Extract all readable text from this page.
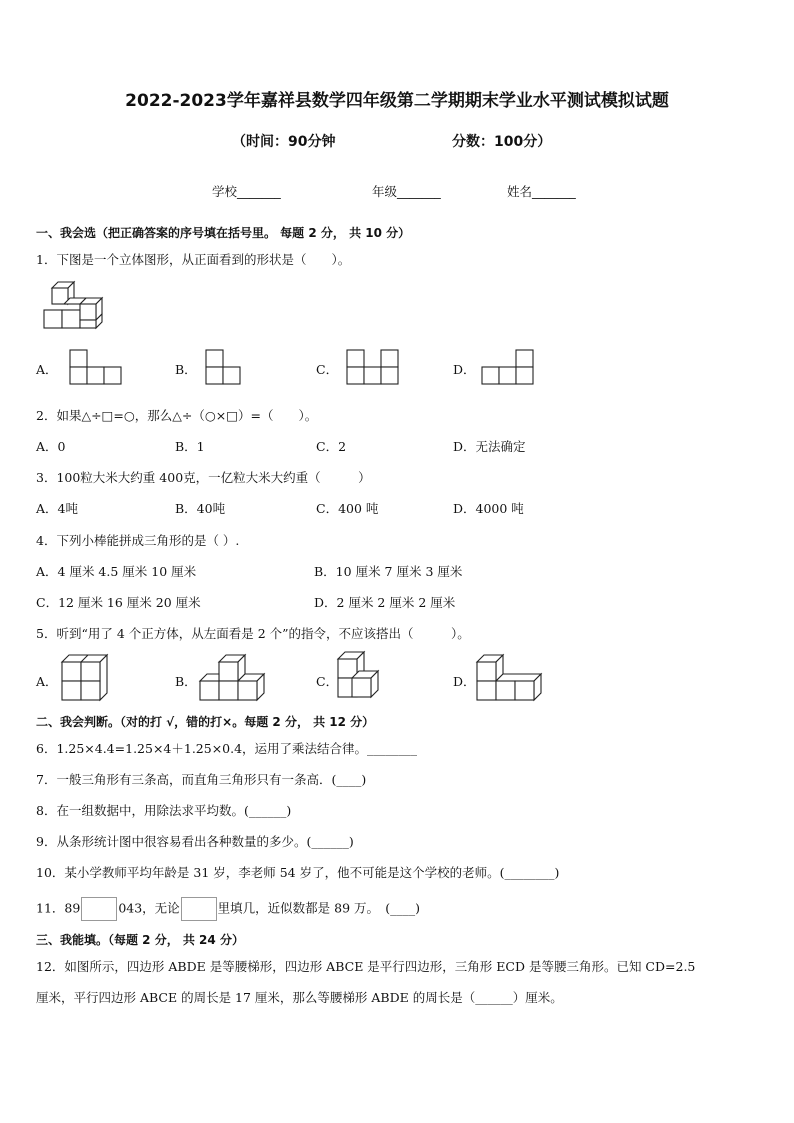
2022-2023学年嘉祥县数学四年级第二学期期末学业水平测试模拟试题
（时间：90分钟	分数：100分）
学校_______	年级_______	姓名_______
一、我会选（把正确答案的序号填在括号里。 每题 2 分， 共 10 分）
1．下图是一个立体图形，从正面看到的形状是（　　）。
A．	B．	C．	D．
2．如果△÷□=○，那么△÷（○×□）=（　　）。
A．0	B．1	C．2	D．无法确定
3．100粒大米大约重 400克，一亿粒大米大约重（　　　）
A．4吨	B．40吨	C．400 吨	D．4000 吨
4．下列小棒能拼成三角形的是（ ）.
A．4 厘米 4.5 厘米 10 厘米	B．10 厘米 7 厘米 3 厘米
C．12 厘米 16 厘米 20 厘米	D．2 厘米 2 厘米 2 厘米
5．听到“用了 4 个正方体，从左面看是 2 个”的指令，不应该搭出（　　　）。
A．	B．	C．	D．
二、我会判断。（对的打 √，错的打×。每题 2 分， 共 12 分）
6．1.25×4.4=1.25×4＋1.25×0.4，运用了乘法结合律。________
7．一般三角形有三条高，而直角三角形只有一条高．(____)
8．在一组数据中，用除法求平均数。(______)
9．从条形统计图中很容易看出各种数量的多少。(______)
10．某小学教师平均年龄是 31 岁，李老师 54 岁了，他不可能是这个学校的老师。(________)
11．89	043，无论	里填几，近似数都是 89 万。　(____)
三、我能填。（每题 2 分， 共 24 分）
12．如图所示，四边形 ABDE 是等腰梯形，四边形 ABCE 是平行四边形，三角形 ECD 是等腰三角形。已知 CD=2.5
厘米，平行四边形 ABCE 的周长是 17 厘米，那么等腰梯形 ABDE 的周长是（______）厘米。
